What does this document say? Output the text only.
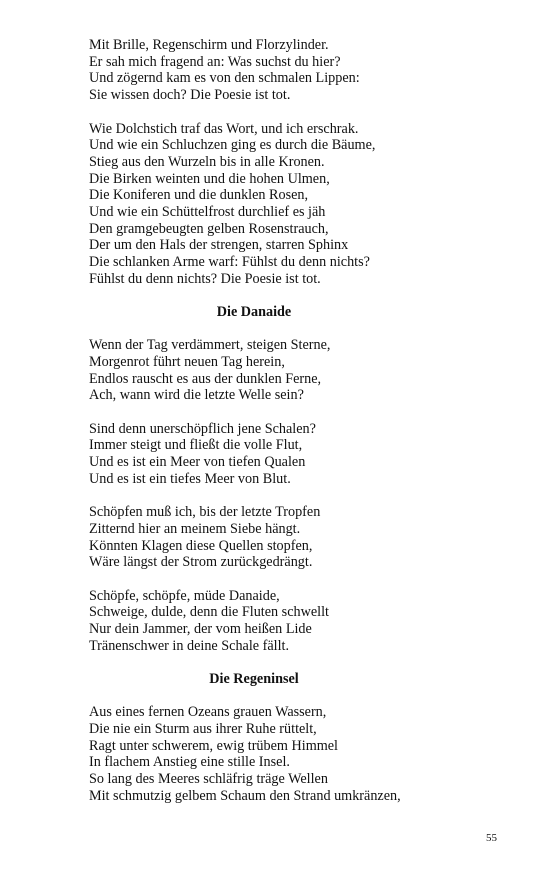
Mit Brille, Regenschirm und Florzylinder.
Er sah mich fragend an: Was suchst du hier?
Und zögernd kam es von den schmalen Lippen:
Sie wissen doch? Die Poesie ist tot.
Wie Dolchstich traf das Wort, und ich erschrak.
Und wie ein Schluchzen ging es durch die Bäume,
Stieg aus den Wurzeln bis in alle Kronen.
Die Birken weinten und die hohen Ulmen,
Die Koniferen und die dunklen Rosen,
Und wie ein Schüttelfrost durchlief es jäh
Den gramgebeugten gelben Rosenstrauch,
Der um den Hals der strengen, starren Sphinx
Die schlanken Arme warf: Fühlst du denn nichts?
Fühlst du denn nichts? Die Poesie ist tot.
Die Danaide
Wenn der Tag verdämmert, steigen Sterne,
Morgenrot führt neuen Tag herein,
Endlos rauscht es aus der dunklen Ferne,
Ach, wann wird die letzte Welle sein?
Sind denn unerschöpflich jene Schalen?
Immer steigt und fließt die volle Flut,
Und es ist ein Meer von tiefen Qualen
Und es ist ein tiefes Meer von Blut.
Schöpfen muß ich, bis der letzte Tropfen
Zitternd hier an meinem Siebe hängt.
Könnten Klagen diese Quellen stopfen,
Wäre längst der Strom zurückgedrängt.
Schöpfe, schöpfe, müde Danaide,
Schweige, dulde, denn die Fluten schwellt
Nur dein Jammer, der vom heißen Lide
Tränenschwer in deine Schale fällt.
Die Regeninsel
Aus eines fernen Ozeans grauen Wassern,
Die nie ein Sturm aus ihrer Ruhe rüttelt,
Ragt unter schwerem, ewig trübem Himmel
In flachem Anstieg eine stille Insel.
So lang des Meeres schläfrig träge Wellen
Mit schmutzig gelbem Schaum den Strand umkränzen,
55
